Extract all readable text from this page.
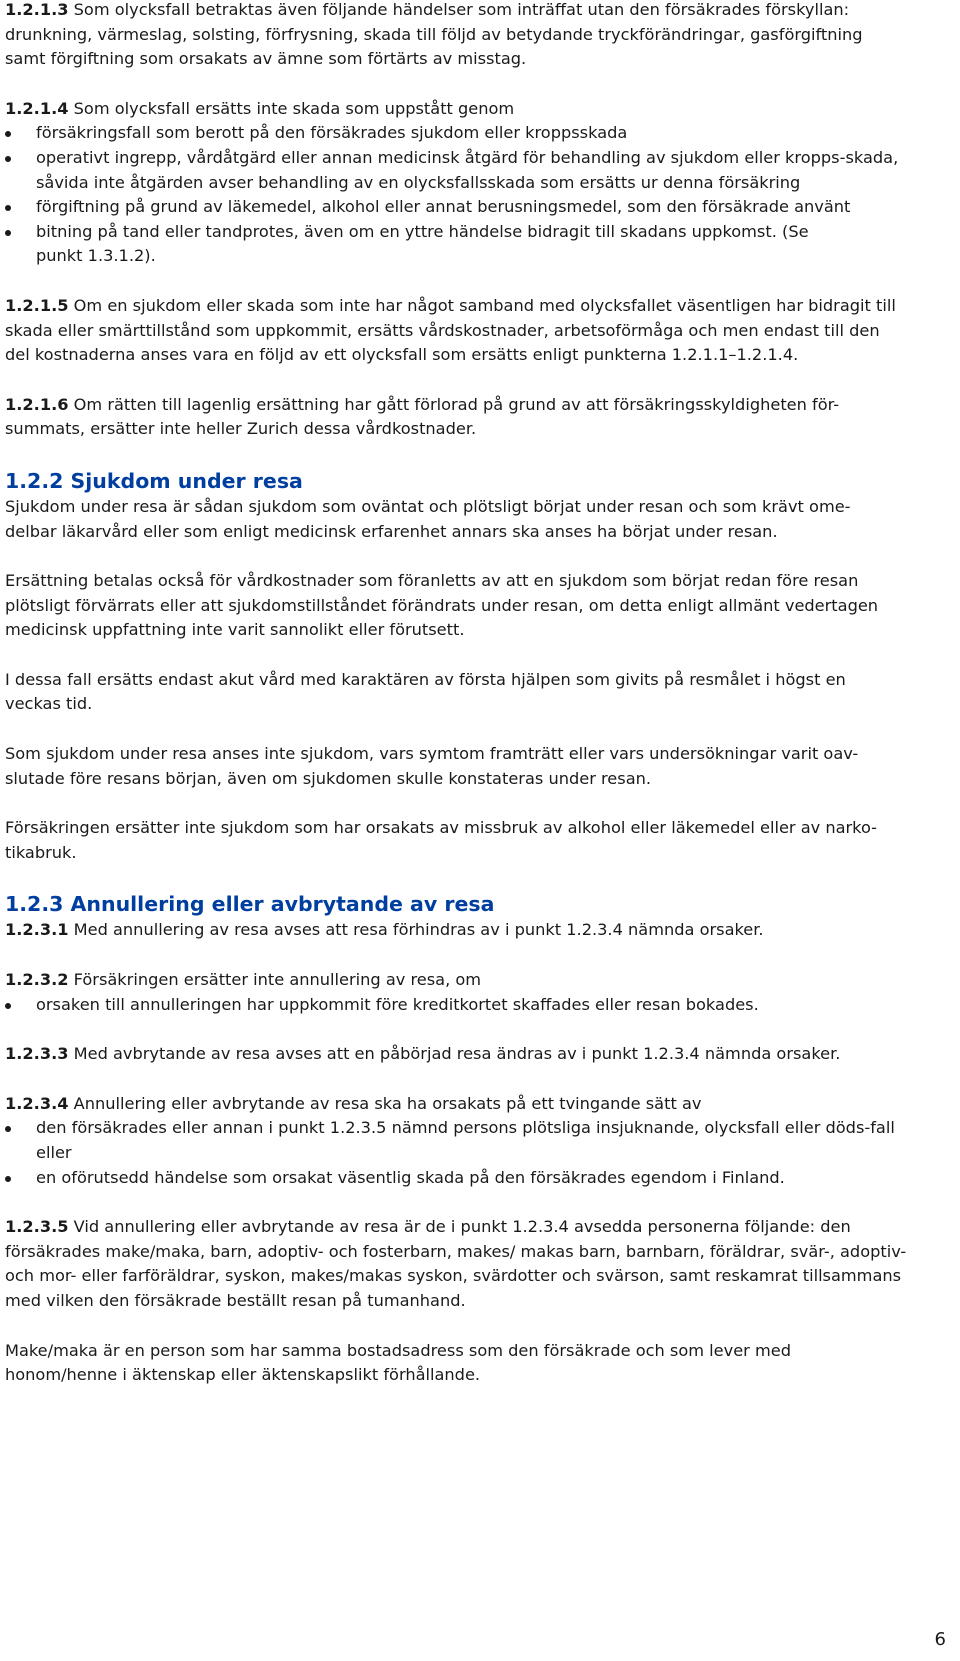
1.2.1.3 Som olycksfall betraktas även följande händelser som inträffat utan den försäkrades förskyllan: drunkning, värmeslag, solsting, förfrysning, skada till följd av betydande tryckförändringar, gasförgiftning samt förgiftning som orsakats av ämne som förtärts av misstag.

1.2.1.4 Som olycksfall ersätts inte skada som uppstått genom

försäkringsfall som berott på den försäkrades sjukdom eller kroppsskada
operativt ingrepp, vårdåtgärd eller annan medicinsk åtgärd för behandling av sjukdom eller kropps-skada, såvida inte åtgärden avser behandling av en olycksfallsskada som ersätts ur denna försäkring
förgiftning på grund av läkemedel, alkohol eller annat berusningsmedel, som den försäkrade använt
bitning på tand eller tandprotes, även om en yttre händelse bidragit till skadans uppkomst. (Se punkt 1.3.1.2).

1.2.1.5 Om en sjukdom eller skada som inte har något samband med olycksfallet väsentligen har bidragit till skada eller smärttillstånd som uppkommit, ersätts vårdskostnader, arbetsoförmåga och men endast till den del kostnaderna anses vara en följd av ett olycksfall som ersätts enligt punkterna 1.2.1.1–1.2.1.4.

1.2.1.6 Om rätten till lagenlig ersättning har gått förlorad på grund av att försäkringsskyldigheten för-summats, ersätter inte heller Zurich dessa vårdkostnader.

1.2.2 Sjukdom under resa

Sjukdom under resa är sådan sjukdom som oväntat och plötsligt börjat under resan och som krävt ome-delbar läkarvård eller som enligt medicinsk erfarenhet annars ska anses ha börjat under resan.

Ersättning betalas också för vårdkostnader som föranletts av att en sjukdom som börjat redan före resan plötsligt förvärrats eller att sjukdomstillståndet förändrats under resan, om detta enligt allmänt vedertagen medicinsk uppfattning inte varit sannolikt eller förutsett.

I dessa fall ersätts endast akut vård med karaktären av första hjälpen som givits på resmålet i högst en veckas tid.

Som sjukdom under resa anses inte sjukdom, vars symtom framträtt eller vars undersökningar varit oav-slutade före resans början, även om sjukdomen skulle konstateras under resan.

Försäkringen ersätter inte sjukdom som har orsakats av missbruk av alkohol eller läkemedel eller av narko-tikabruk.

1.2.3 Annullering eller avbrytande av resa

1.2.3.1 Med annullering av resa avses att resa förhindras av i punkt 1.2.3.4 nämnda orsaker.

1.2.3.2 Försäkringen ersätter inte annullering av resa, om

orsaken till annulleringen har uppkommit före kreditkortet skaffades eller resan bokades.

1.2.3.3 Med avbrytande av resa avses att en påbörjad resa ändras av i punkt 1.2.3.4 nämnda orsaker.

1.2.3.4 Annullering eller avbrytande av resa ska ha orsakats på ett tvingande sätt av

den försäkrades eller annan i punkt 1.2.3.5 nämnd persons plötsliga insjuknande, olycksfall eller döds-fall eller
en oförutsedd händelse som orsakat väsentlig skada på den försäkrades egendom i Finland.

1.2.3.5 Vid annullering eller avbrytande av resa är de i punkt 1.2.3.4 avsedda personerna följande: den försäkrades make/maka, barn, adoptiv- och fosterbarn, makes/ makas barn, barnbarn, föräldrar, svär-, adoptiv- och mor- eller farföräldrar, syskon, makes/makas syskon, svärdotter och svärson, samt reskamrat tillsammans med vilken den försäkrade beställt resan på tumanhand.

Make/maka är en person som har samma bostadsadress som den försäkrade och som lever med honom/henne i äktenskap eller äktenskapslikt förhållande.

6
